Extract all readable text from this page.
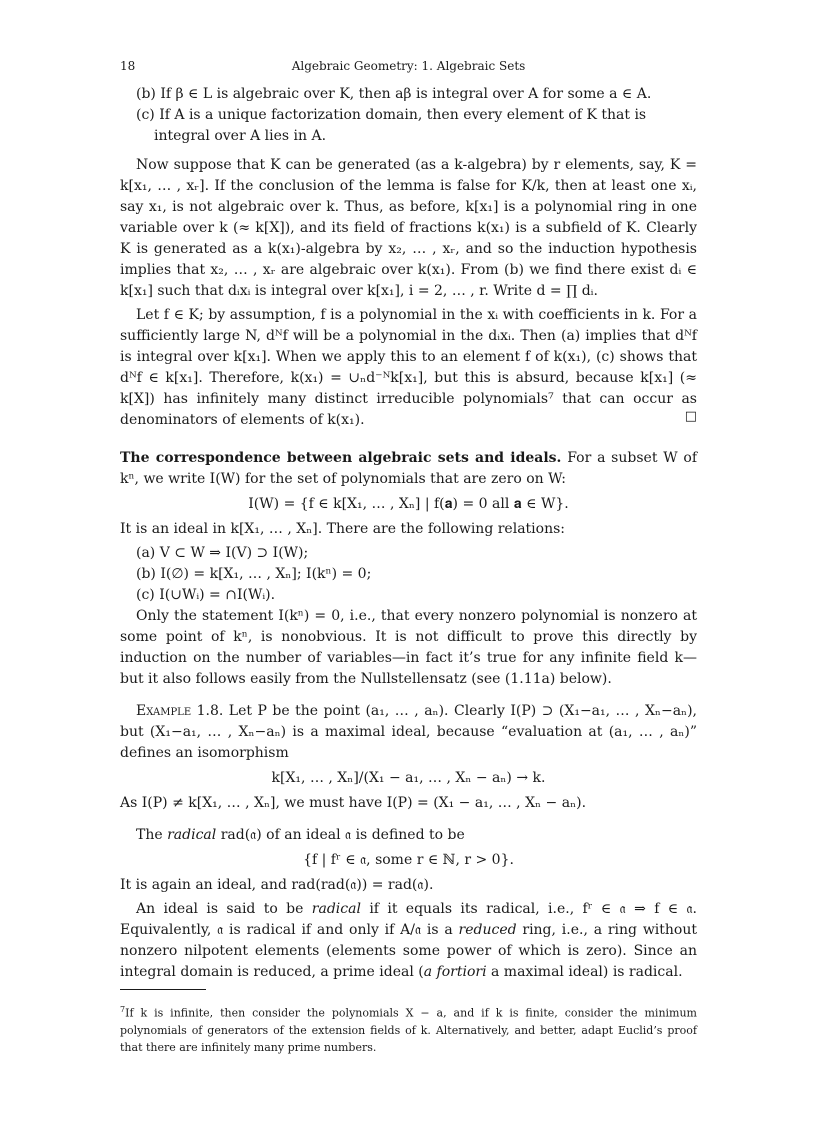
18	Algebraic Geometry: 1. Algebraic Sets
(b) If β ∈ L is algebraic over K, then aβ is integral over A for some a ∈ A.
(c) If A is a unique factorization domain, then every element of K that is integral over A lies in A.

Now suppose that K can be generated (as a k-algebra) by r elements, say, K = k[x₁, … , xᵣ]. If the conclusion of the lemma is false for K/k, then at least one xᵢ, say x₁, is not algebraic over k. Thus, as before, k[x₁] is a polynomial ring in one variable over k (≈ k[X]), and its field of fractions k(x₁) is a subfield of K. Clearly K is generated as a k(x₁)-algebra by x₂, … , xᵣ, and so the induction hypothesis implies that x₂, … , xᵣ are algebraic over k(x₁). From (b) we find there exist dᵢ ∈ k[x₁] such that dᵢxᵢ is integral over k[x₁], i = 2, … , r. Write d = ∏ dᵢ.

Let f ∈ K; by assumption, f is a polynomial in the xᵢ with coefficients in k. For a sufficiently large N, dᴺf will be a polynomial in the dᵢxᵢ. Then (a) implies that dᴺf is integral over k[x₁]. When we apply this to an element f of k(x₁), (c) shows that dᴺf ∈ k[x₁]. Therefore, k(x₁) = ∪ₙd⁻ᴺk[x₁], but this is absurd, because k[x₁] (≈ k[X]) has infinitely many distinct irreducible polynomials⁷ that can occur as denominators of elements of k(x₁).	□

The correspondence between algebraic sets and ideals. For a subset W of kⁿ, we write I(W) for the set of polynomials that are zero on W:

I(W) = {f ∈ k[X₁, … , Xₙ] | f(𝐚) = 0 all 𝐚 ∈ W}.

It is an ideal in k[X₁, … , Xₙ]. There are the following relations:

(a) V ⊂ W ⇒ I(V) ⊃ I(W);
(b) I(∅) = k[X₁, … , Xₙ]; I(kⁿ) = 0;
(c) I(∪Wᵢ) = ∩I(Wᵢ).

Only the statement I(kⁿ) = 0, i.e., that every nonzero polynomial is nonzero at some point of kⁿ, is nonobvious. It is not difficult to prove this directly by induction on the number of variables—in fact it’s true for any infinite field k—but it also follows easily from the Nullstellensatz (see (1.11a) below).

Example 1.8. Let P be the point (a₁, … , aₙ). Clearly I(P) ⊃ (X₁−a₁, … , Xₙ−aₙ), but (X₁−a₁, … , Xₙ−aₙ) is a maximal ideal, because “evaluation at (a₁, … , aₙ)” defines an isomorphism

k[X₁, … , Xₙ]/(X₁ − a₁, … , Xₙ − aₙ) → k.

As I(P) ≠ k[X₁, … , Xₙ], we must have I(P) = (X₁ − a₁, … , Xₙ − aₙ).

The radical rad(𝔞) of an ideal 𝔞 is defined to be

{f | fʳ ∈ 𝔞, some r ∈ ℕ, r > 0}.

It is again an ideal, and rad(rad(𝔞)) = rad(𝔞).

An ideal is said to be radical if it equals its radical, i.e., fʳ ∈ 𝔞 ⇒ f ∈ 𝔞. Equivalently, 𝔞 is radical if and only if A/𝔞 is a reduced ring, i.e., a ring without nonzero nilpotent elements (elements some power of which is zero). Since an integral domain is reduced, a prime ideal (a fortiori a maximal ideal) is radical.

$^7$If k is infinite, then consider the polynomials X − a, and if k is finite, consider the minimum polynomials of generators of the extension fields of k. Alternatively, and better, adapt Euclid’s proof that there are infinitely many prime numbers.
